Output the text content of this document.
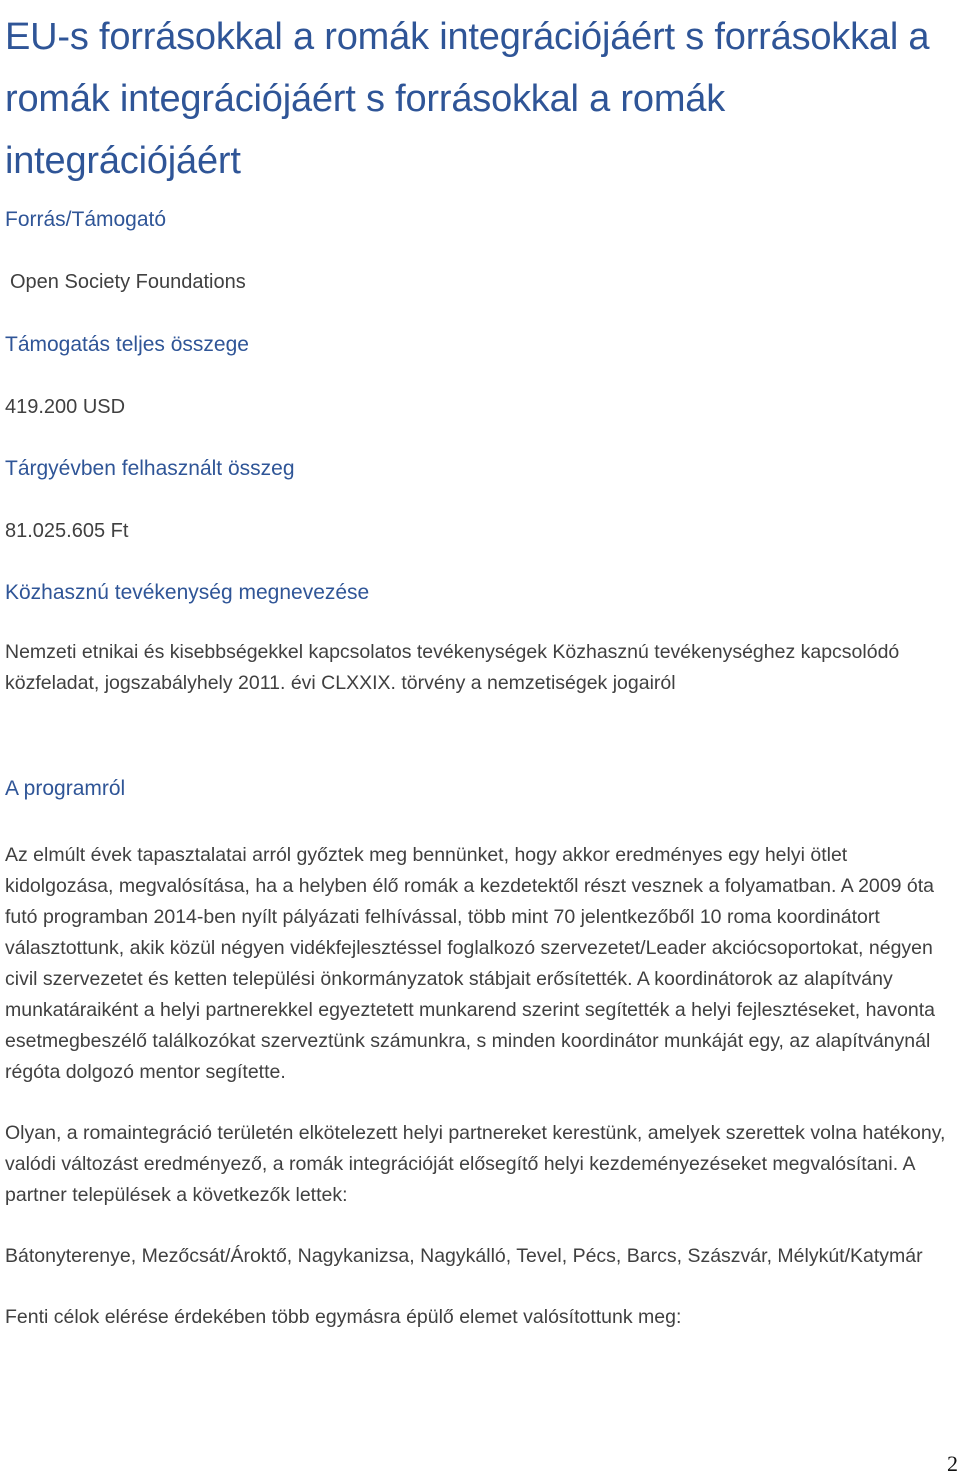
EU-s forrásokkal a romák integrációjáért s forrásokkal a romák integrációjáért s forrásokkal a romák integrációjáért
Forrás/Támogató

Open Society Foundations

Támogatás teljes összege

419.200 USD

Tárgyévben felhasznált összeg

81.025.605 Ft

Közhasznú tevékenység megnevezése

Nemzeti etnikai és kisebbségekkel kapcsolatos tevékenységek Közhasznú tevékenységhez kapcsolódó közfeladat, jogszabályhely 2011. évi CLXXIX. törvény a nemzetiségek jogairól

A programról

Az elmúlt évek tapasztalatai arról győztek meg bennünket, hogy akkor eredményes egy helyi ötlet kidolgozása, megvalósítása, ha a helyben élő romák a kezdetektől részt vesznek a folyamatban. A 2009 óta futó programban 2014-ben nyílt pályázati felhívással, több mint 70 jelentkezőből 10 roma koordinátort választottunk, akik közül négyen vidékfejlesztéssel foglalkozó szervezetet/Leader akciócsoportokat, négyen civil szervezetet és ketten települési önkormányzatok stábjait erősítették. A koordinátorok az alapítvány munkatáraiként a helyi partnerekkel egyeztetett munkarend szerint segítették a helyi fejlesztéseket, havonta esetmegbeszélő találkozókat szerveztünk számunkra, s minden koordinátor munkáját egy, az alapítványnál régóta dolgozó mentor segítette.

Olyan, a romaintegráció területén elkötelezett helyi partnereket kerestünk, amelyek szerettek volna hatékony, valódi változást eredményező, a romák integrációját elősegítő helyi kezdeményezéseket megvalósítani. A partner települések a következők lettek:

Bátonyterenye, Mezőcsát/Ároktő, Nagykanizsa, Nagykálló, Tevel, Pécs, Barcs, Szászvár, Mélykút/Katymár

Fenti célok elérése érdekében több egymásra épülő elemet valósítottunk meg:

2
